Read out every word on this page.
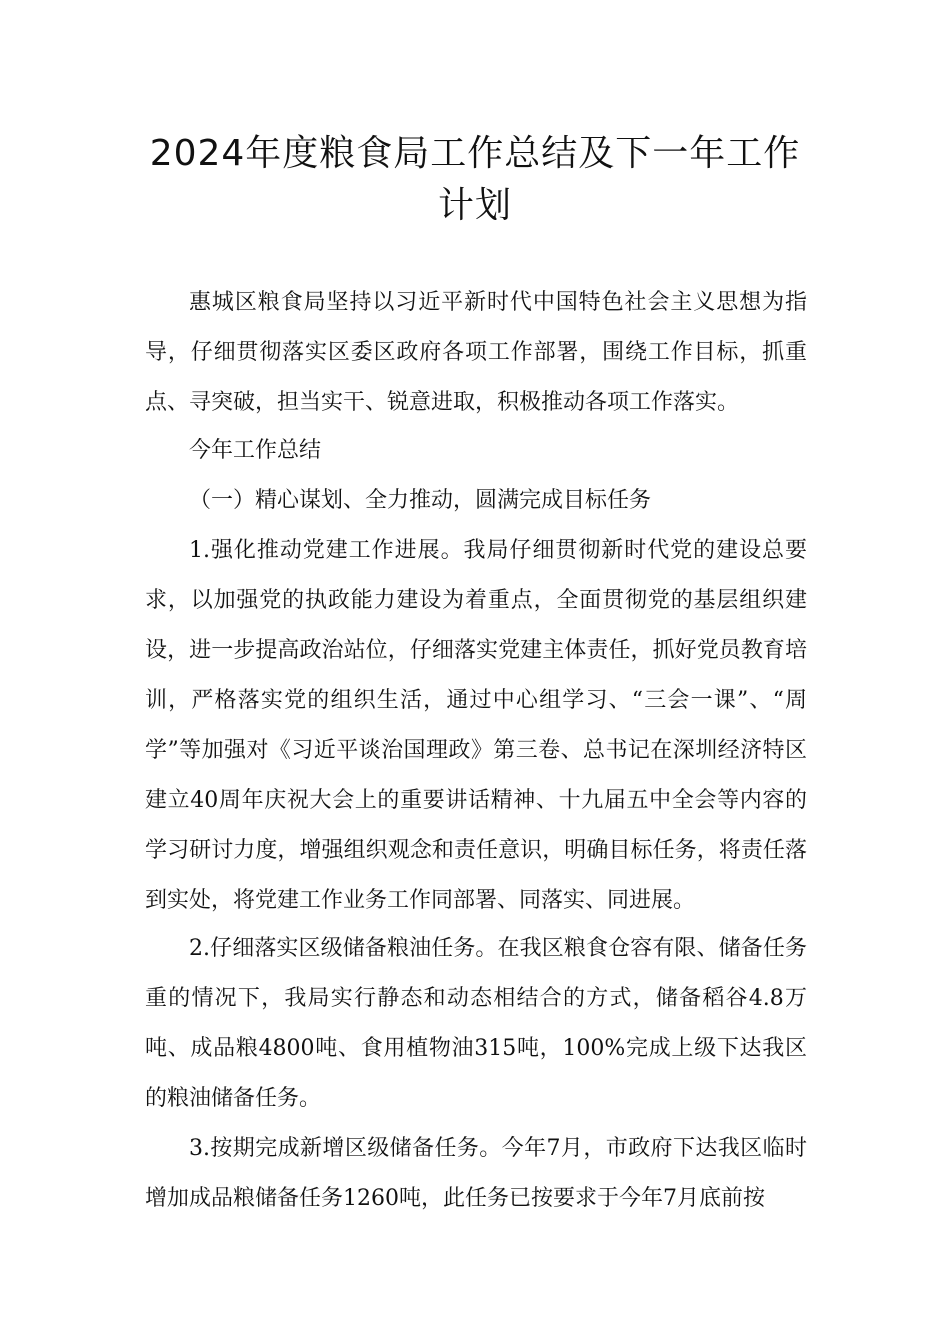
2024年度粮食局工作总结及下一年工作
计划

惠城区粮食局坚持以习近平新时代中国特色社会主义思想为指导，仔细贯彻落实区委区政府各项工作部署，围绕工作目标，抓重点、寻突破，担当实干、锐意进取，积极推动各项工作落实。

今年工作总结

（一）精心谋划、全力推动，圆满完成目标任务

1.强化推动党建工作进展。我局仔细贯彻新时代党的建设总要求，以加强党的执政能力建设为着重点，全面贯彻党的基层组织建设，进一步提高政治站位，仔细落实党建主体责任，抓好党员教育培训，严格落实党的组织生活，通过中心组学习、“三会一课”、“周学”等加强对《习近平谈治国理政》第三卷、总书记在深圳经济特区建立40周年庆祝大会上的重要讲话精神、十九届五中全会等内容的学习研讨力度，增强组织观念和责任意识，明确目标任务，将责任落到实处，将党建工作业务工作同部署、同落实、同进展。

2.仔细落实区级储备粮油任务。在我区粮食仓容有限、储备任务重的情况下，我局实行静态和动态相结合的方式，储备稻谷4.8万吨、成品粮4800吨、食用植物油315吨，100%完成上级下达我区的粮油储备任务。

3.按期完成新增区级储备任务。今年7月，市政府下达我区临时增加成品粮储备任务1260吨，此任务已按要求于今年7月底前按
